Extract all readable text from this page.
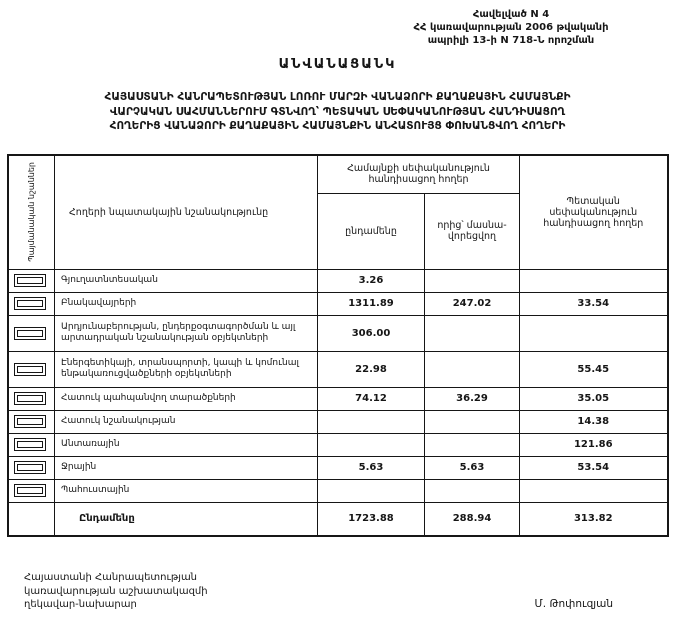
Հավելված N 4
ՀՀ կառավարության 2006 թվականի
ապրիլի 13-ի N 718-Ն որոշման
ԱՆՎԱՆԱՑԱՆԿ
ՀԱՅԱՍՏԱՆԻ ՀԱՆՐԱՊԵՏՈՒԹՅԱՆ ԼՈՌՈՒ ՄԱՐԶԻ ՎԱՆԱՁՈՐԻ ՔԱՂԱՔԱՅԻՆ ՀԱՄԱՅՆՔԻ
ՎԱՐՉԱԿԱՆ ՍԱՀՄԱՆՆԵՐՈՒՄ ԳՏՆՎՈՂ՝ ՊԵՏԱԿԱՆ ՍԵՓԱԿԱՆՈՒԹՅԱՆ ՀԱՆԴԻՍԱՑՈՂ
ՀՈՂԵՐԻՑ ՎԱՆԱՁՈՐԻ ՔԱՂԱՔԱՅԻՆ ՀԱՄԱՅՆՔԻՆ ԱՆՀԱՏՈՒՅՑ ՓՈԽԱՆՑՎՈՂ ՀՈՂԵՐԻ
Պայմանական նշաններ	Հողերի նպատակային նշանակությունը	Համայնքի սեփականություն հանդիսացող հողեր		Պետական սեփականություն հանդիսացող հողեր
		ընդամենը	որից՝ մասնա-վորեցվող	

	Գյուղատնտեսական	3.26		

	Բնակավայրերի	1311.89	247.02	33.54

	Արդյունաբերության, ընդերքօգտագործման և այլ արտադրական նշանակության օբյեկտների	306.00		

	Էներգետիկայի, տրանսպորտի, կապի և կոմունալ ենթակառուցվածքների օբյեկտների	22.98		55.45

	Հատուկ պահպանվող տարածքների	74.12	36.29	35.05

	Հատուկ նշանակության			14.38

	Անտառային			121.86

	Ջրային	5.63	5.63	53.54

	Պահուստային			
	Ընդամենը	1723.88	288.94	313.82
Հայաստանի Հանրապետության
կառավարության աշխատակազմի
ղեկավար-նախարար	Մ. Թոփուզյան
